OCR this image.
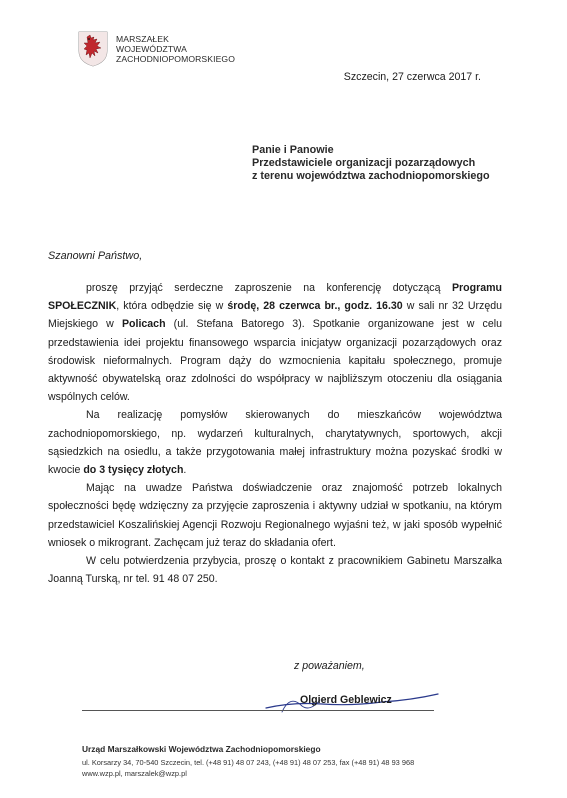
MARSZAŁEK
WOJEWÓDZTWA
ZACHODNIOPOMORSKIEGO
Szczecin, 27 czerwca 2017 r.
Panie i Panowie
Przedstawiciele organizacji pozarządowych
z terenu województwa zachodniopomorskiego
Szanowni Państwo,

proszę przyjąć serdeczne zaproszenie na konferencję dotyczącą Programu SPOŁECZNIK, która odbędzie się w środę, 28 czerwca br., godz. 16.30 w sali nr 32 Urzędu Miejskiego w Policach (ul. Stefana Batorego 3). Spotkanie organizowane jest w celu przedstawienia idei projektu finansowego wsparcia inicjatyw organizacji pozarządowych oraz środowisk nieformalnych. Program dąży do wzmocnienia kapitału społecznego, promuje aktywność obywatelską oraz zdolności do współpracy w najbliższym otoczeniu dla osiągania wspólnych celów.

Na realizację pomysłów skierowanych do mieszkańców województwa zachodniopomorskiego, np. wydarzeń kulturalnych, charytatywnych, sportowych, akcji sąsiedzkich na osiedlu, a także przygotowania małej infrastruktury można pozyskać środki w kwocie do 3 tysięcy złotych.

Mając na uwadze Państwa doświadczenie oraz znajomość potrzeb lokalnych społeczności będę wdzięczny za przyjęcie zaproszenia i aktywny udział w spotkaniu, na którym przedstawiciel Koszalińskiej Agencji Rozwoju Regionalnego wyjaśni też, w jaki sposób wypełnić wniosek o mikrogrant. Zachęcam już teraz do składania ofert.

W celu potwierdzenia przybycia, proszę o kontakt z pracownikiem Gabinetu Marszałka Joanną Turską, nr tel. 91 48 07 250.

z poważaniem,
Olgierd Geblewicz
Urząd Marszałkowski Województwa Zachodniopomorskiego
ul. Korsarzy 34, 70-540 Szczecin, tel. (+48 91) 48 07 243, (+48 91) 48 07 253, fax (+48 91) 48 93 968
www.wzp.pl, marszalek@wzp.pl
